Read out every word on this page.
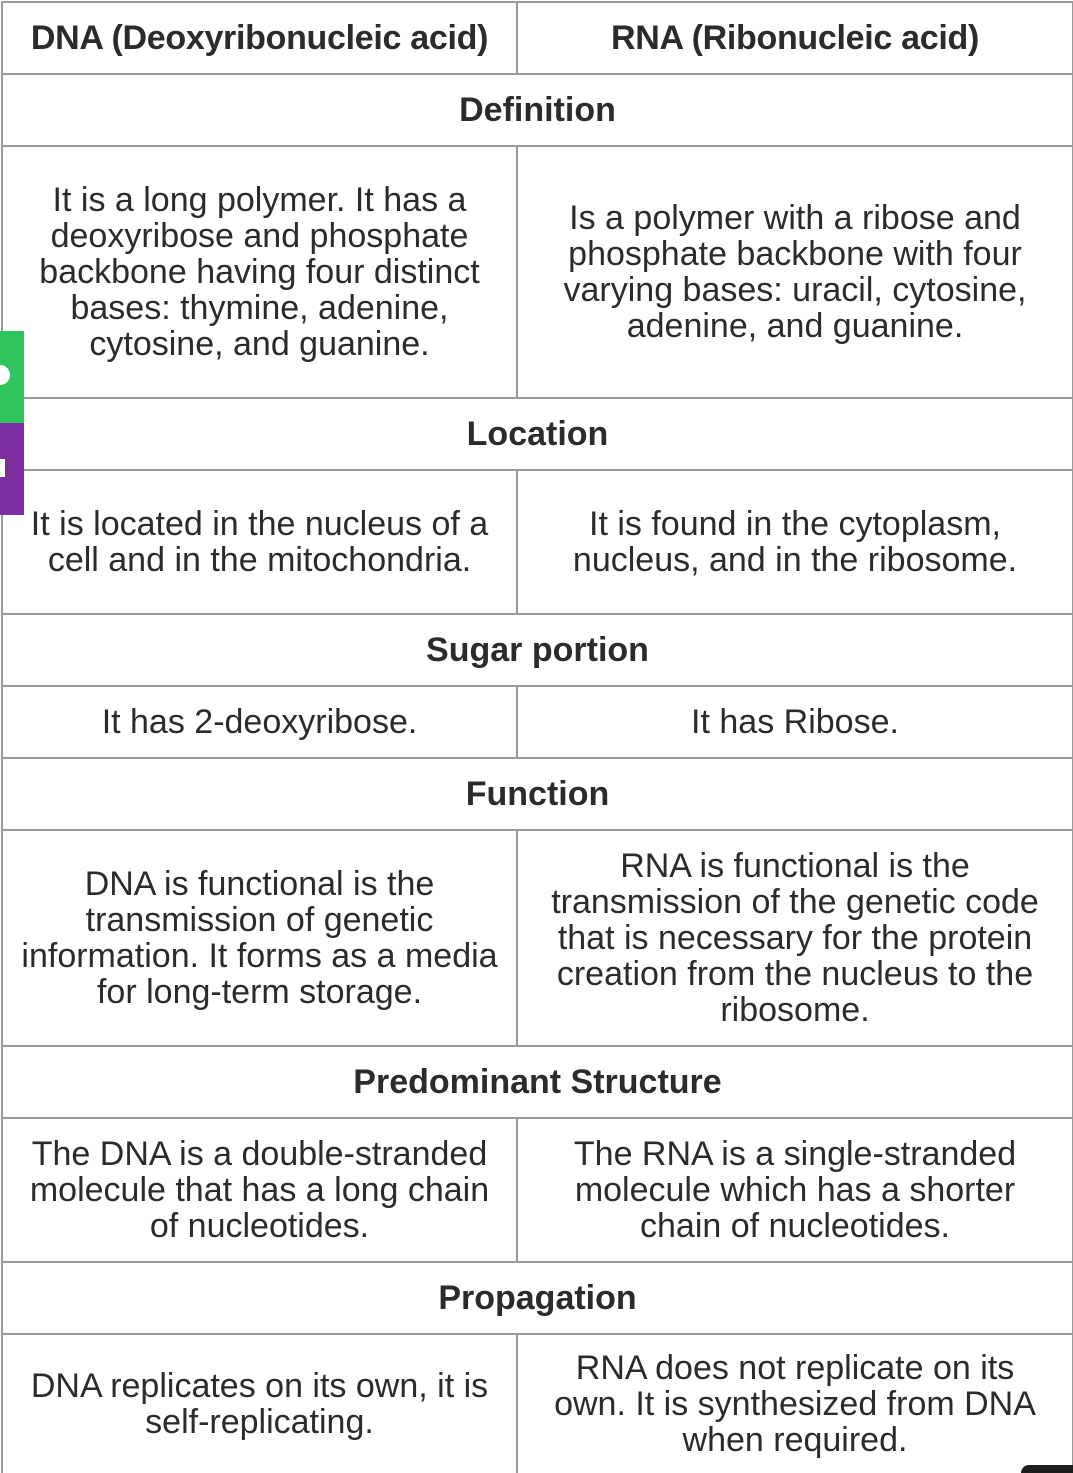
DNA (Deoxyribonucleic acid)	RNA (Ribonucleic acid)
Definition	
It is a long polymer. It has a deoxyribose and phosphate backbone having four distinct bases: thymine, adenine, cytosine, and guanine.	Is a polymer with a ribose and phosphate backbone with four varying bases: uracil, cytosine, adenine, and guanine.
Location	
It is located in the nucleus of a cell and in the mitochondria.	It is found in the cytoplasm, nucleus, and in the ribosome.
Sugar portion	
It has 2-deoxyribose.	It has Ribose.
Function	
DNA is functional is the transmission of genetic information. It forms as a media for long-term storage.	RNA is functional is the transmission of the genetic code that is necessary for the protein creation from the nucleus to the ribosome.
Predominant Structure	
The DNA is a double-stranded molecule that has a long chain of nucleotides.	The RNA is a single-stranded molecule which has a shorter chain of nucleotides.
Propagation	
DNA replicates on its own, it is self-replicating.	RNA does not replicate on its own. It is synthesized from DNA when required.
